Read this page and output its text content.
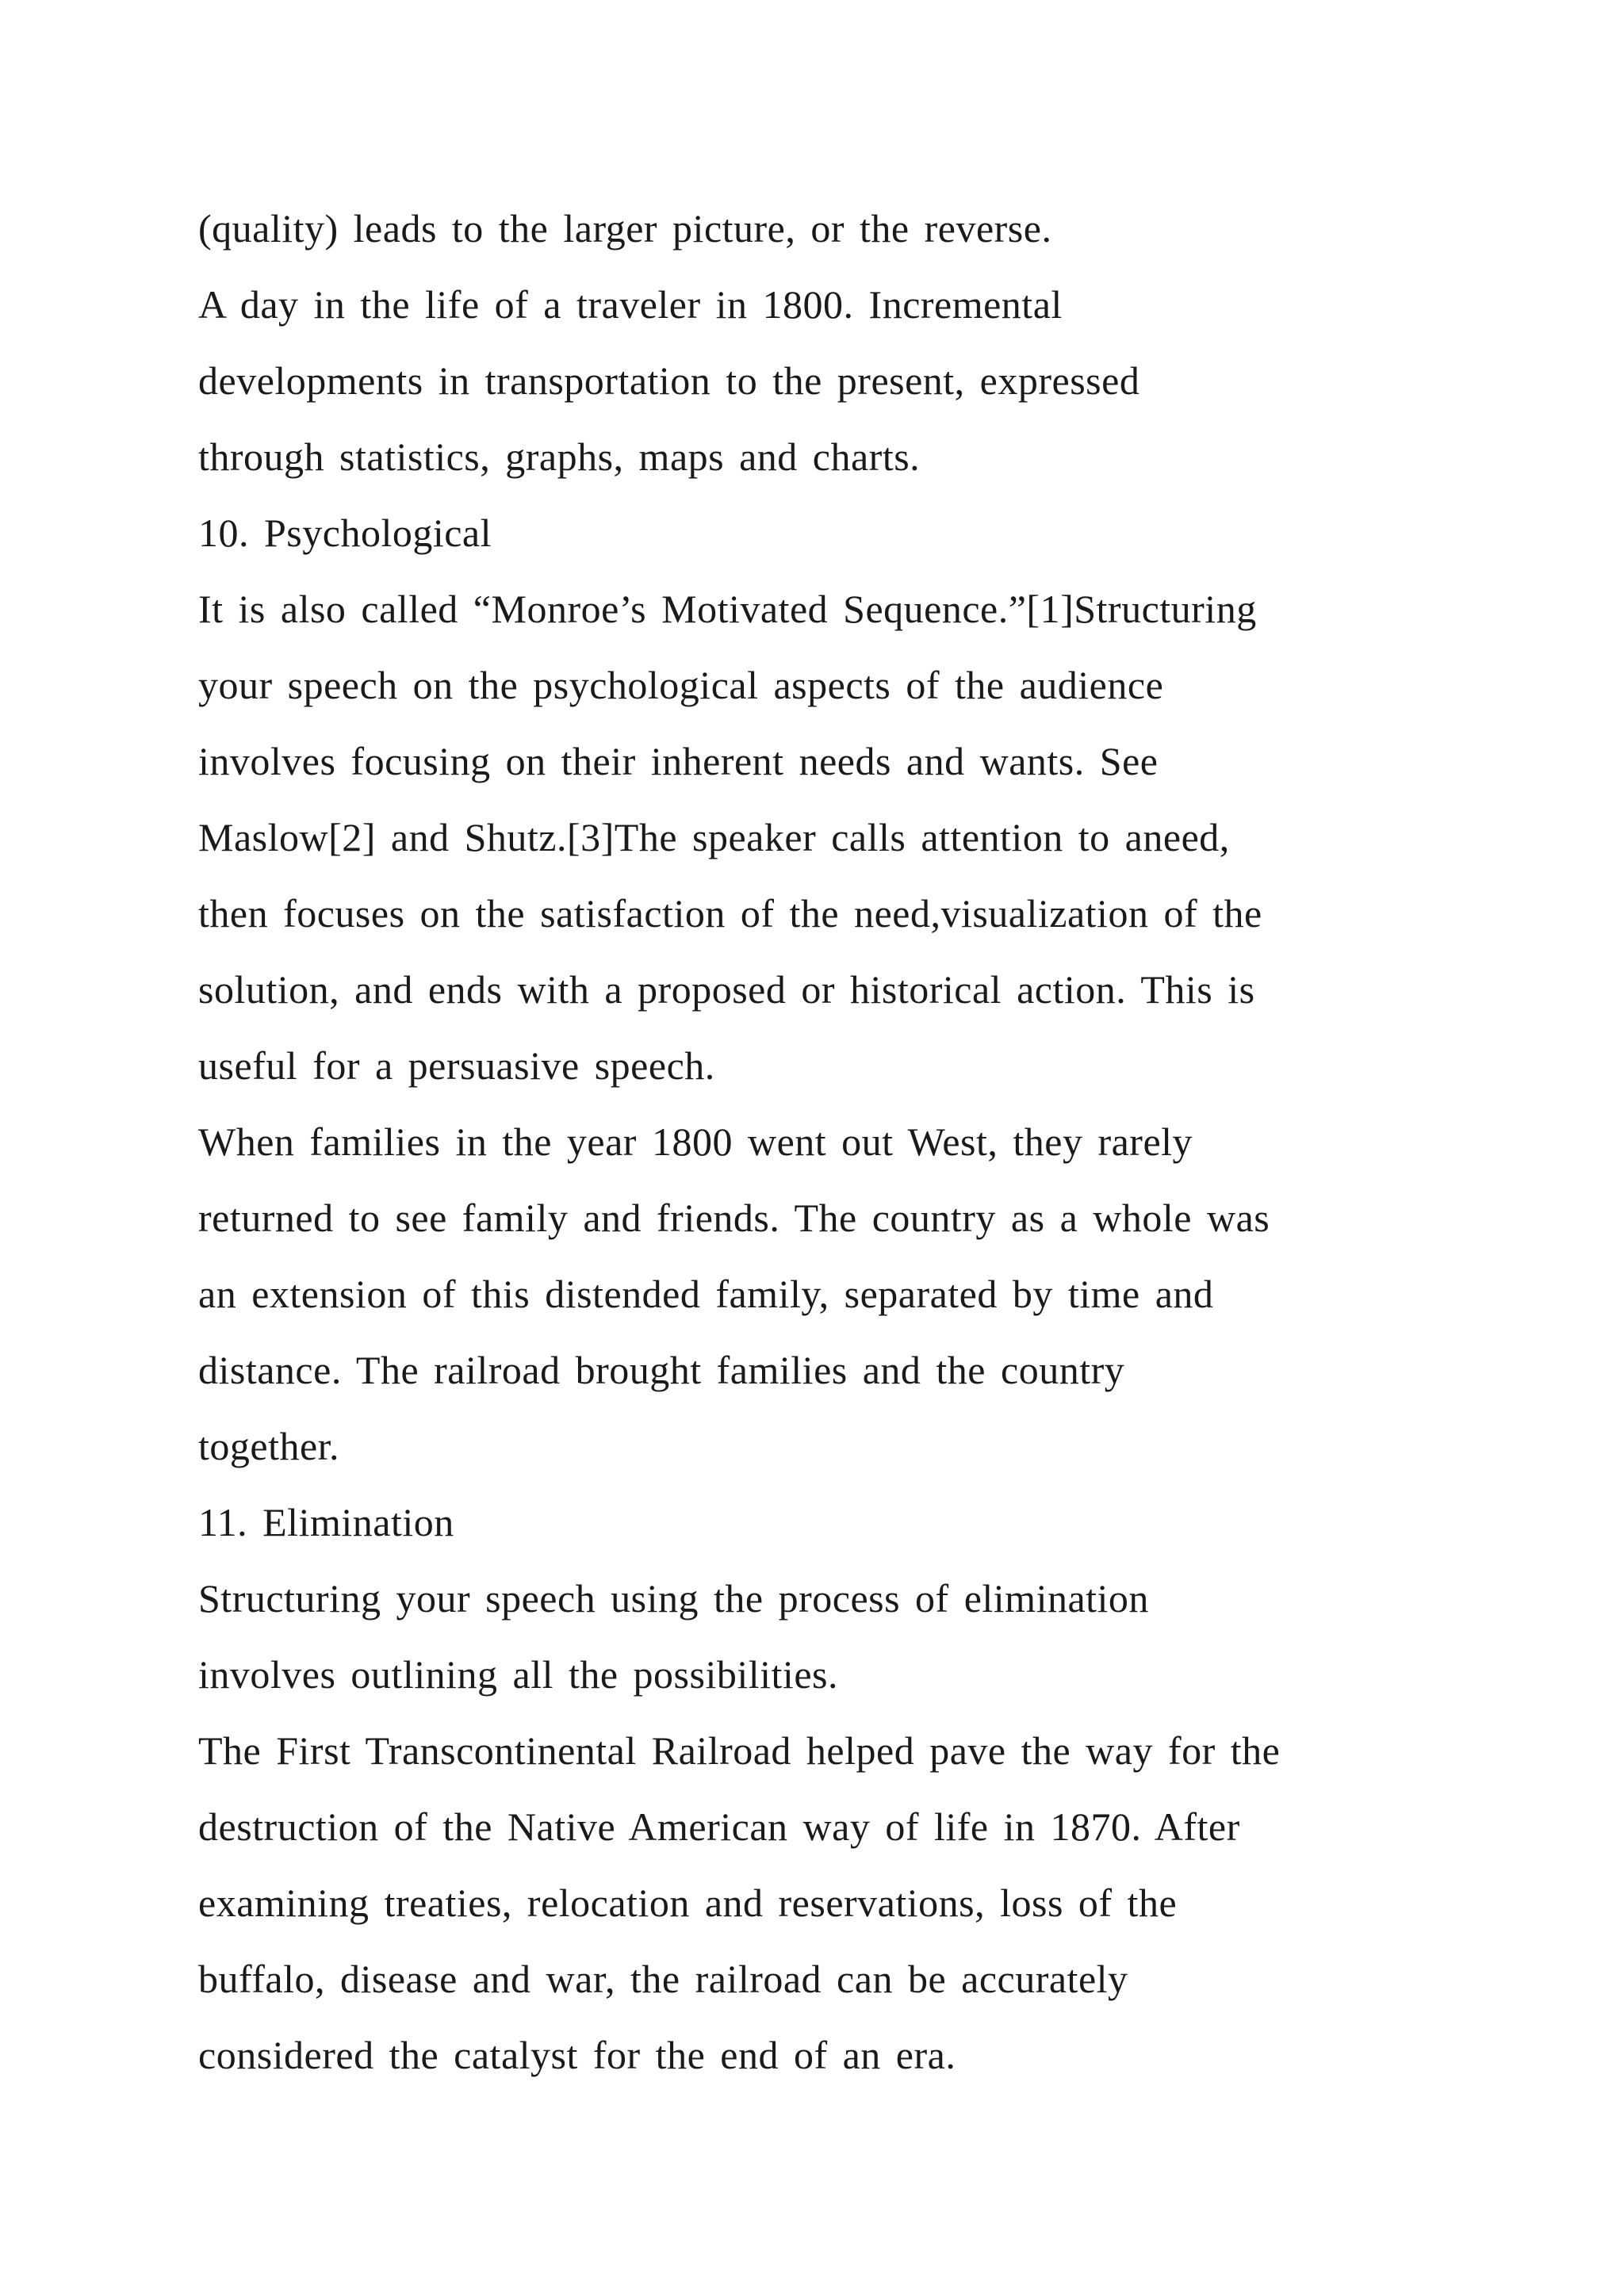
(quality) leads to the larger picture, or the reverse.
A day in the life of a traveler in 1800. Incremental
developments in transportation to the present, expressed
through statistics, graphs, maps and charts.
10. Psychological
It is also called “Monroe’s Motivated Sequence.”[1]Structuring
your speech on the psychological aspects of the audience
involves focusing on their inherent needs and wants. See
Maslow[2] and Shutz.[3]The speaker calls attention to aneed,
then focuses on the satisfaction of the need,visualization of the
solution, and ends with a proposed or historical action. This is
useful for a persuasive speech.
When families in the year 1800 went out West, they rarely
returned to see family and friends. The country as a whole was
an extension of this distended family, separated by time and
distance. The railroad brought families and the country
together.
11. Elimination
Structuring your speech using the process of elimination
involves outlining all the possibilities.
The First Transcontinental Railroad helped pave the way for the
destruction of the Native American way of life in 1870. After
examining treaties, relocation and reservations, loss of the
buffalo, disease and war, the railroad can be accurately
considered the catalyst for the end of an era.
